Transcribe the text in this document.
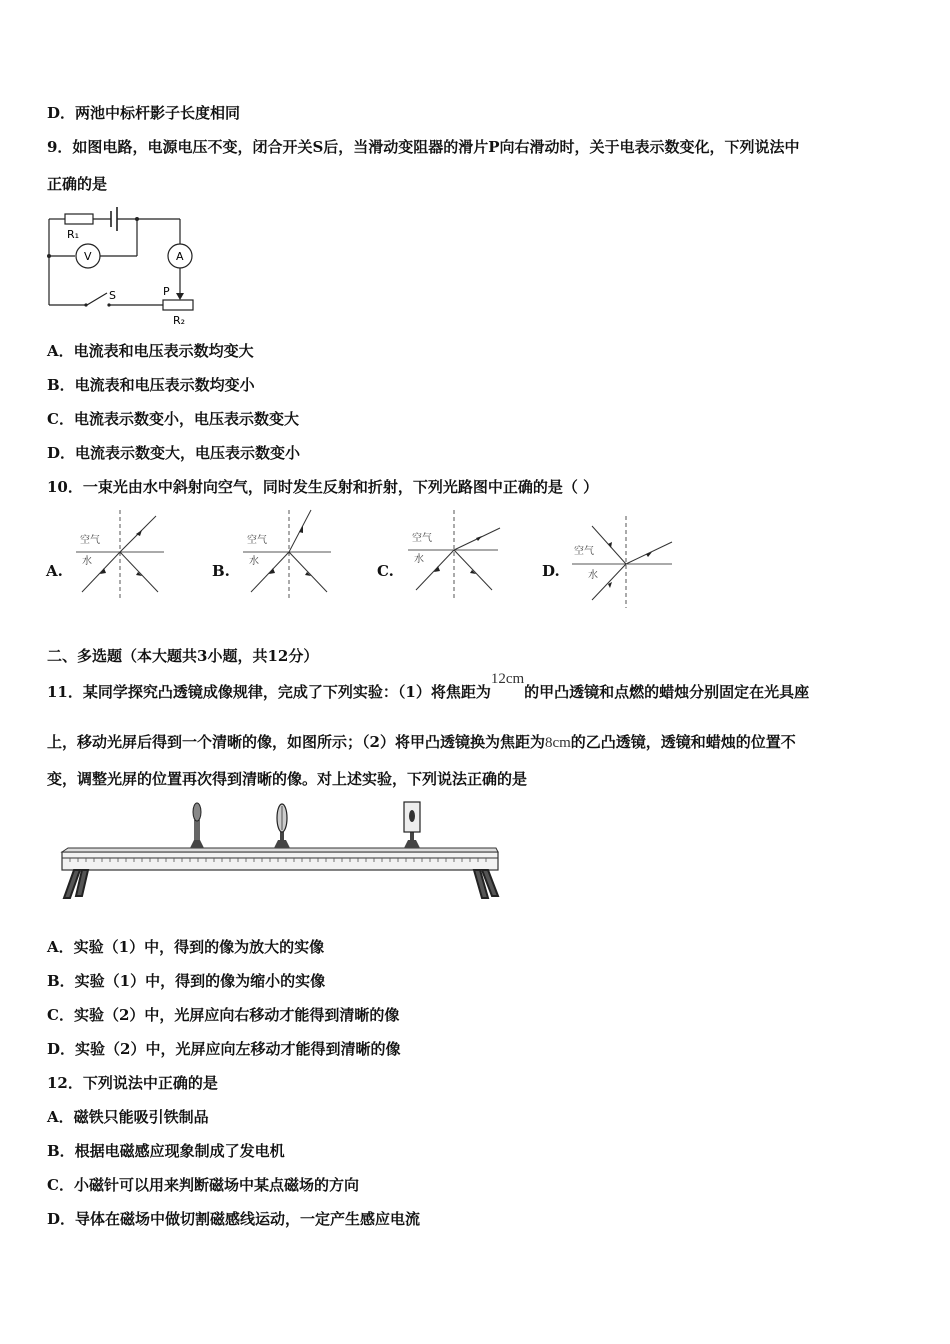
D．两池中标杆影子长度相同
9．如图电路，电源电压不变，闭合开关S后，当滑动变阻器的滑片P向右滑动时，关于电表示数变化，下列说法中
正确的是
R₁
V	A
S	P
R₂
A．电流表和电压表示数均变大
B．电流表和电压表示数均变小
C．电流表示数变小，电压表示数变大
D．电流表示数变大，电压表示数变小
10．一束光由水中斜射向空气，同时发生反射和折射，下列光路图中正确的是（ ）
A.	B.	C.	D.
空气
水
空气
水
空气
水
空气
水
二、多选题（本大题共3小题，共12分）
11．某同学探究凸透镜成像规律，完成了下列实验：（1）将焦距为12cm的甲凸透镜和点燃的蜡烛分别固定在光具座
上，移动光屏后得到一个清晰的像，如图所示；（2）将甲凸透镜换为焦距为8cm的乙凸透镜，透镜和蜡烛的位置不
变，调整光屏的位置再次得到清晰的像。对上述实验，下列说法正确的是
A．实验（1）中，得到的像为放大的实像
B．实验（1）中，得到的像为缩小的实像
C．实验（2）中，光屏应向右移动才能得到清晰的像
D．实验（2）中，光屏应向左移动才能得到清晰的像
12．下列说法中正确的是
A．磁铁只能吸引铁制品
B．根据电磁感应现象制成了发电机
C．小磁针可以用来判断磁场中某点磁场的方向
D．导体在磁场中做切割磁感线运动，一定产生感应电流
